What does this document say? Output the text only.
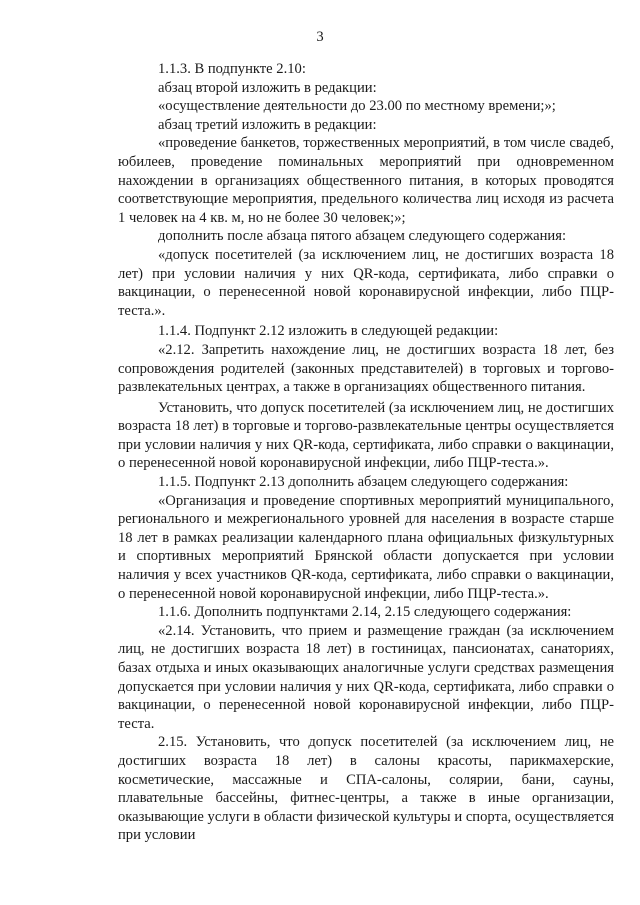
3

1.1.3. В подпункте 2.10:

абзац второй изложить в редакции:

«осуществление деятельности до 23.00 по местному времени;»;

абзац третий изложить в редакции:

«проведение банкетов, торжественных мероприятий, в том числе свадеб, юбилеев, проведение поминальных мероприятий при одновременном нахождении в организациях общественного питания, в которых проводятся соответствующие мероприятия, предельного количества лиц исходя из расчета 1 человек на 4 кв. м, но не более 30 человек;»;

дополнить после абзаца пятого абзацем следующего содержания:

«допуск посетителей (за исключением лиц, не достигших возраста 18 лет) при условии наличия у них QR-кода, сертификата, либо справки о вакцинации, о перенесенной новой коронавирусной инфекции, либо ПЦР-теста.».

1.1.4. Подпункт 2.12 изложить в следующей редакции:

«2.12. Запретить нахождение лиц, не достигших возраста 18 лет, без сопровождения родителей (законных представителей) в торговых и торгово-развлекательных центрах, а также в организациях общественного питания.

Установить, что допуск посетителей (за исключением лиц, не достигших возраста 18 лет) в торговые и торгово-развлекательные центры осуществляется при условии наличия у них QR-кода, сертификата, либо справки о вакцинации, о перенесенной новой коронавирусной инфекции, либо ПЦР-теста.».

1.1.5. Подпункт 2.13 дополнить абзацем следующего содержания:

«Организация и проведение спортивных мероприятий муниципального, регионального и межрегионального уровней для населения в возрасте старше 18 лет в рамках реализации календарного плана официальных физкультурных и спортивных мероприятий Брянской области допускается при условии наличия у всех участников QR-кода, сертификата, либо справки о вакцинации, о перенесенной новой коронавирусной инфекции, либо ПЦР-теста.».

1.1.6. Дополнить подпунктами 2.14, 2.15 следующего содержания:

«2.14. Установить, что прием и размещение граждан (за исключением лиц, не достигших возраста 18 лет) в гостиницах, пансионатах, санаториях, базах отдыха и иных оказывающих аналогичные услуги средствах размещения допускается при условии наличия у них QR-кода, сертификата, либо справки о вакцинации, о перенесенной новой коронавирусной инфекции, либо ПЦР-теста.

2.15. Установить, что допуск посетителей (за исключением лиц, не достигших возраста 18 лет) в салоны красоты, парикмахерские, косметические, массажные и СПА-салоны, солярии, бани, сауны, плавательные бассейны, фитнес-центры, а также в иные организации, оказывающие услуги в области физической культуры и спорта, осуществляется при условии
